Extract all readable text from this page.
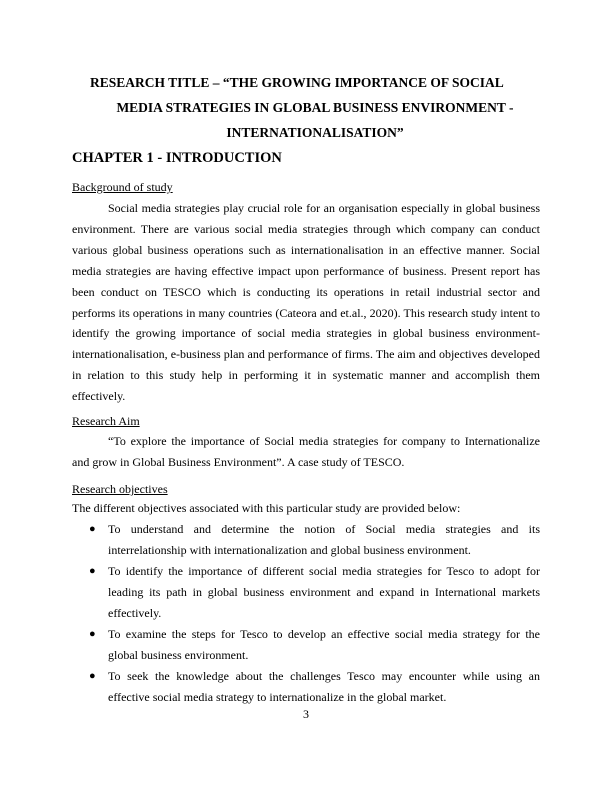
RESEARCH TITLE – “THE GROWING IMPORTANCE OF SOCIAL
MEDIA STRATEGIES IN GLOBAL BUSINESS ENVIRONMENT -
INTERNATIONALISATION”
CHAPTER 1 - INTRODUCTION
Background of study

Social media strategies play crucial role for an organisation especially in global business environment. There are various social media strategies through which company can conduct various global business operations such as internationalisation in an effective manner. Social media strategies are having effective impact upon performance of business. Present report has been conduct on TESCO which is conducting its operations in retail industrial sector and performs its operations in many countries (Cateora and et.al., 2020). This research study intent to identify the growing importance of social media strategies in global business environment-internationalisation, e-business plan and performance of firms. The aim and objectives developed in relation to this study help in performing it in systematic manner and accomplish them effectively.

Research Aim

“To explore the importance of Social media strategies for company to Internationalize and grow in Global Business Environment”. A case study of TESCO.

Research objectives
The different objectives associated with this particular study are provided below:
● To understand and determine the notion of Social media strategies and its interrelationship with internationalization and global business environment.
● To identify the importance of different social media strategies for Tesco to adopt for leading its path in global business environment and expand in International markets effectively.
● To examine the steps for Tesco to develop an effective social media strategy for the global business environment.
● To seek the knowledge about the challenges Tesco may encounter while using an effective social media strategy to internationalize in the global market.
3
